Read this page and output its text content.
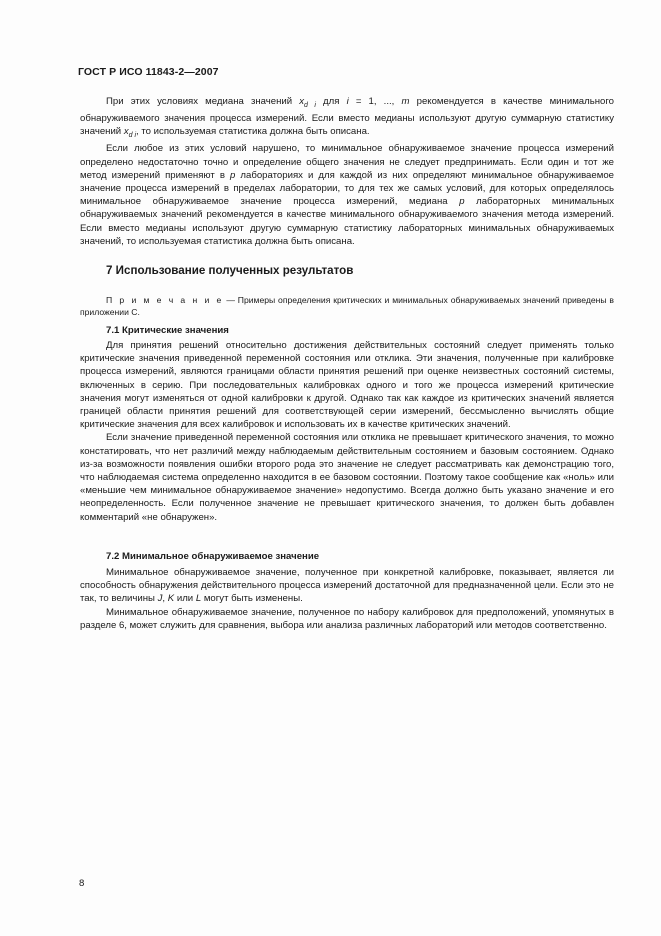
ГОСТ Р ИСО 11843-2—2007

При этих условиях медиана значений $x_{d i}$ для i = 1, ..., m рекомендуется в качестве минимального обнаруживаемого значения процесса измерений. Если вместо медианы используют другую суммарную статистику значений $x_{d i}$, то используемая статистика должна быть описана.

Если любое из этих условий нарушено, то минимальное обнаруживаемое значение процесса измерений определено недостаточно точно и определение общего значения не следует предпринимать. Если один и тот же метод измерений применяют в p лабораториях и для каждой из них определяют минимальное обнаруживаемое значение процесса измерений в пределах лаборатории, то для тех же самых условий, для которых определялось минимальное обнаруживаемое значение процесса измерений, медиана p лабораторных минимальных обнаруживаемых значений рекомендуется в качестве минимального обнаруживаемого значения метода измерений. Если вместо медианы используют другую суммарную статистику лабораторных минимальных обнаруживаемых значений, то используемая статистика должна быть описана.

7 Использование полученных результатов
П р и м е ч а н и е — Примеры определения критических и минимальных обнаруживаемых значений приведены в приложении С.
7.1 Критические значения

Для принятия решений относительно достижения действительных состояний следует применять только критические значения приведенной переменной состояния или отклика. Эти значения, полученные при калибровке процесса измерений, являются границами области принятия решений при оценке неизвестных состояний системы, включенных в серию. При последовательных калибровках одного и того же процесса измерений критические значения могут изменяться от одной калибровки к другой. Однако так как каждое из критических значений является границей области принятия решений для соответствующей серии измерений, бессмысленно вычислять общие критические значения для всех калибровок и использовать их в качестве критических значений.

Если значение приведенной переменной состояния или отклика не превышает критического значения, то можно констатировать, что нет различий между наблюдаемым действительным состоянием и базовым состоянием. Однако из-за возможности появления ошибки второго рода это значение не следует рассматривать как демонстрацию того, что наблюдаемая система определенно находится в ее базовом состоянии. Поэтому такое сообщение как «ноль» или «меньшие чем минимальное обнаруживаемое значение» недопустимо. Всегда должно быть указано значение и его неопределенность. Если полученное значение не превышает критического значения, то должен быть добавлен комментарий «не обнаружен».

7.2 Минимальное обнаруживаемое значение

Минимальное обнаруживаемое значение, полученное при конкретной калибровке, показывает, является ли способность обнаружения действительного процесса измерений достаточной для предназначенной цели. Если это не так, то величины J, K или L могут быть изменены.

Минимальное обнаруживаемое значение, полученное по набору калибровок для предположений, упомянутых в разделе 6, может служить для сравнения, выбора или анализа различных лабораторий или методов соответственно.

8
